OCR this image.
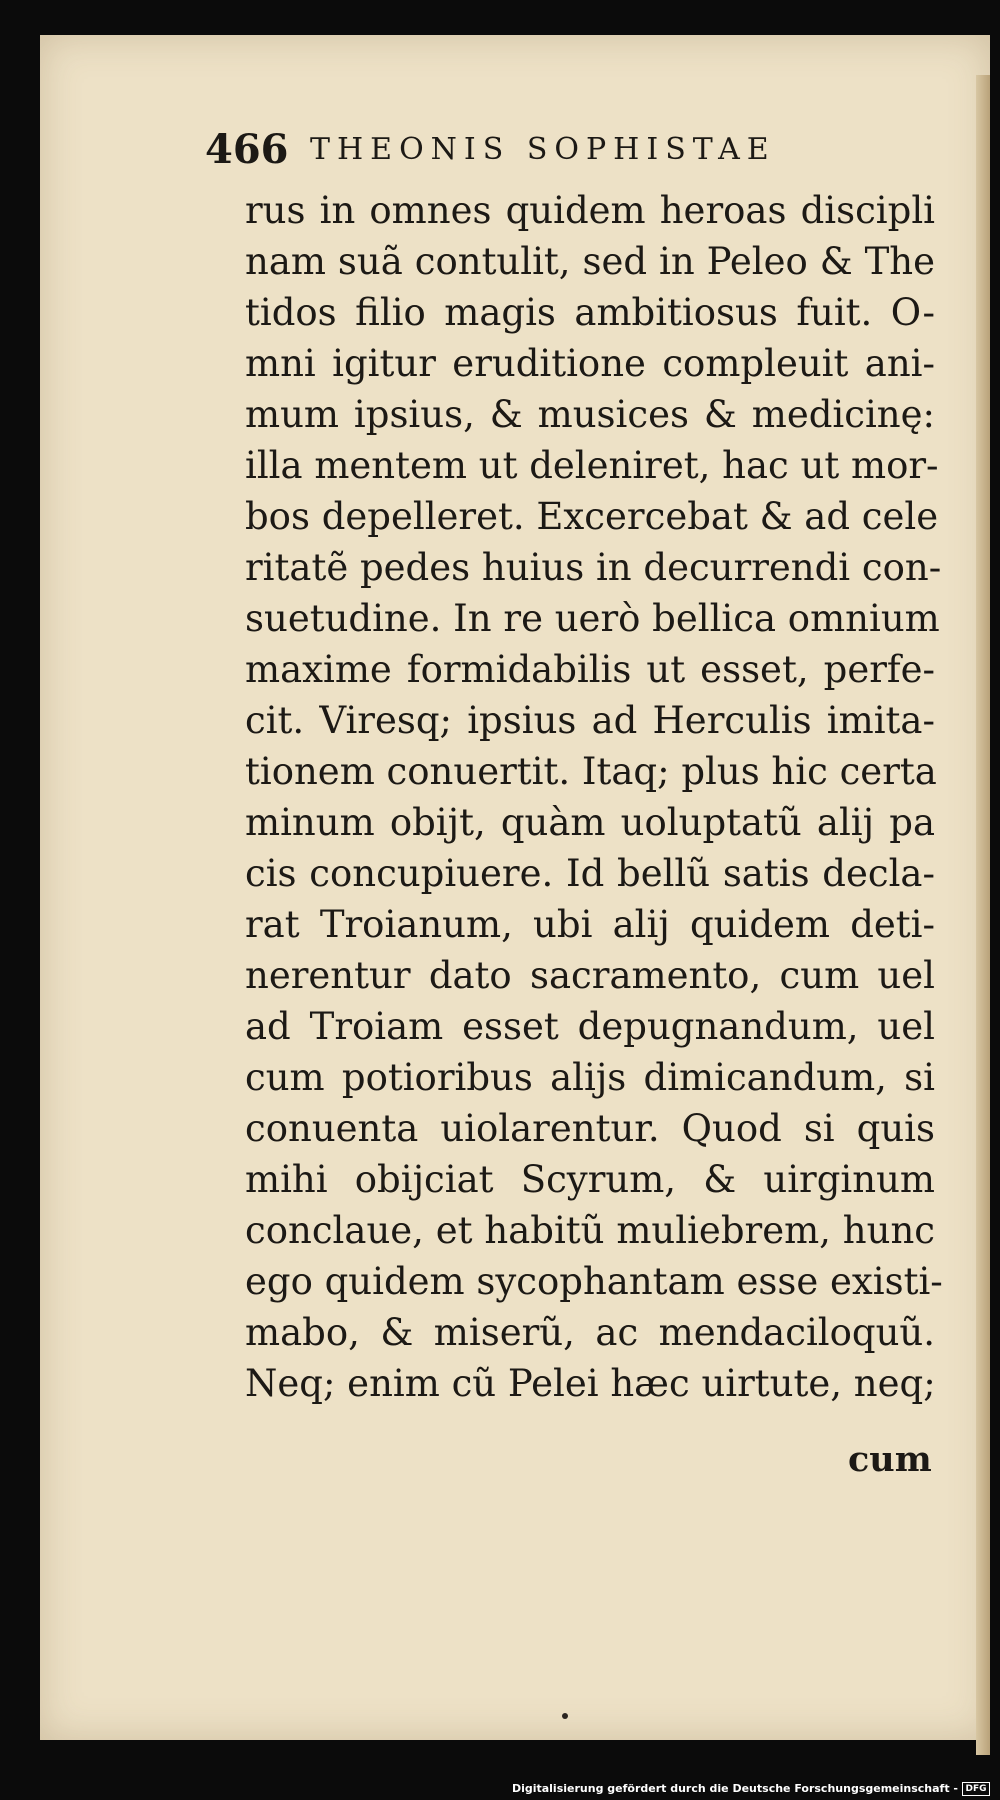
466 THEONIS SOPHISTAE
rus in omnes quidem heroas discipli
nam suã contulit, sed in Peleo & The
tidos filio magis ambitiosus fuit. O-
mni igitur eruditione compleuit ani-
mum ipsius, & musices & medicinę:
illa mentem ut deleniret, hac ut mor-
bos depelleret. Excercebat & ad cele
ritatẽ pedes huius in decurrendi con-
suetudine. In re uerò bellica omnium
maxime formidabilis ut esset, perfe-
cit. Viresq; ipsius ad Herculis imita-
tionem conuertit. Itaq; plus hic certa
minum obijt, quàm uoluptatũ alij pa
cis concupiuere. Id bellũ satis decla-
rat Troianum, ubi alij quidem deti-
nerentur dato sacramento, cum uel
ad Troiam esset depugnandum, uel
cum potioribus alijs dimicandum, si
conuenta uiolarentur. Quod si quis
mihi obijciat Scyrum, & uirginum
conclaue, et habitũ muliebrem, hunc
ego quidem sycophantam esse existi-
mabo, & miserũ, ac mendaciloquũ.
Neq; enim cũ Pelei hæc uirtute, neq;
cum
Digitalisierung gefördert durch die Deutsche Forschungsgemeinschaft - DFG
